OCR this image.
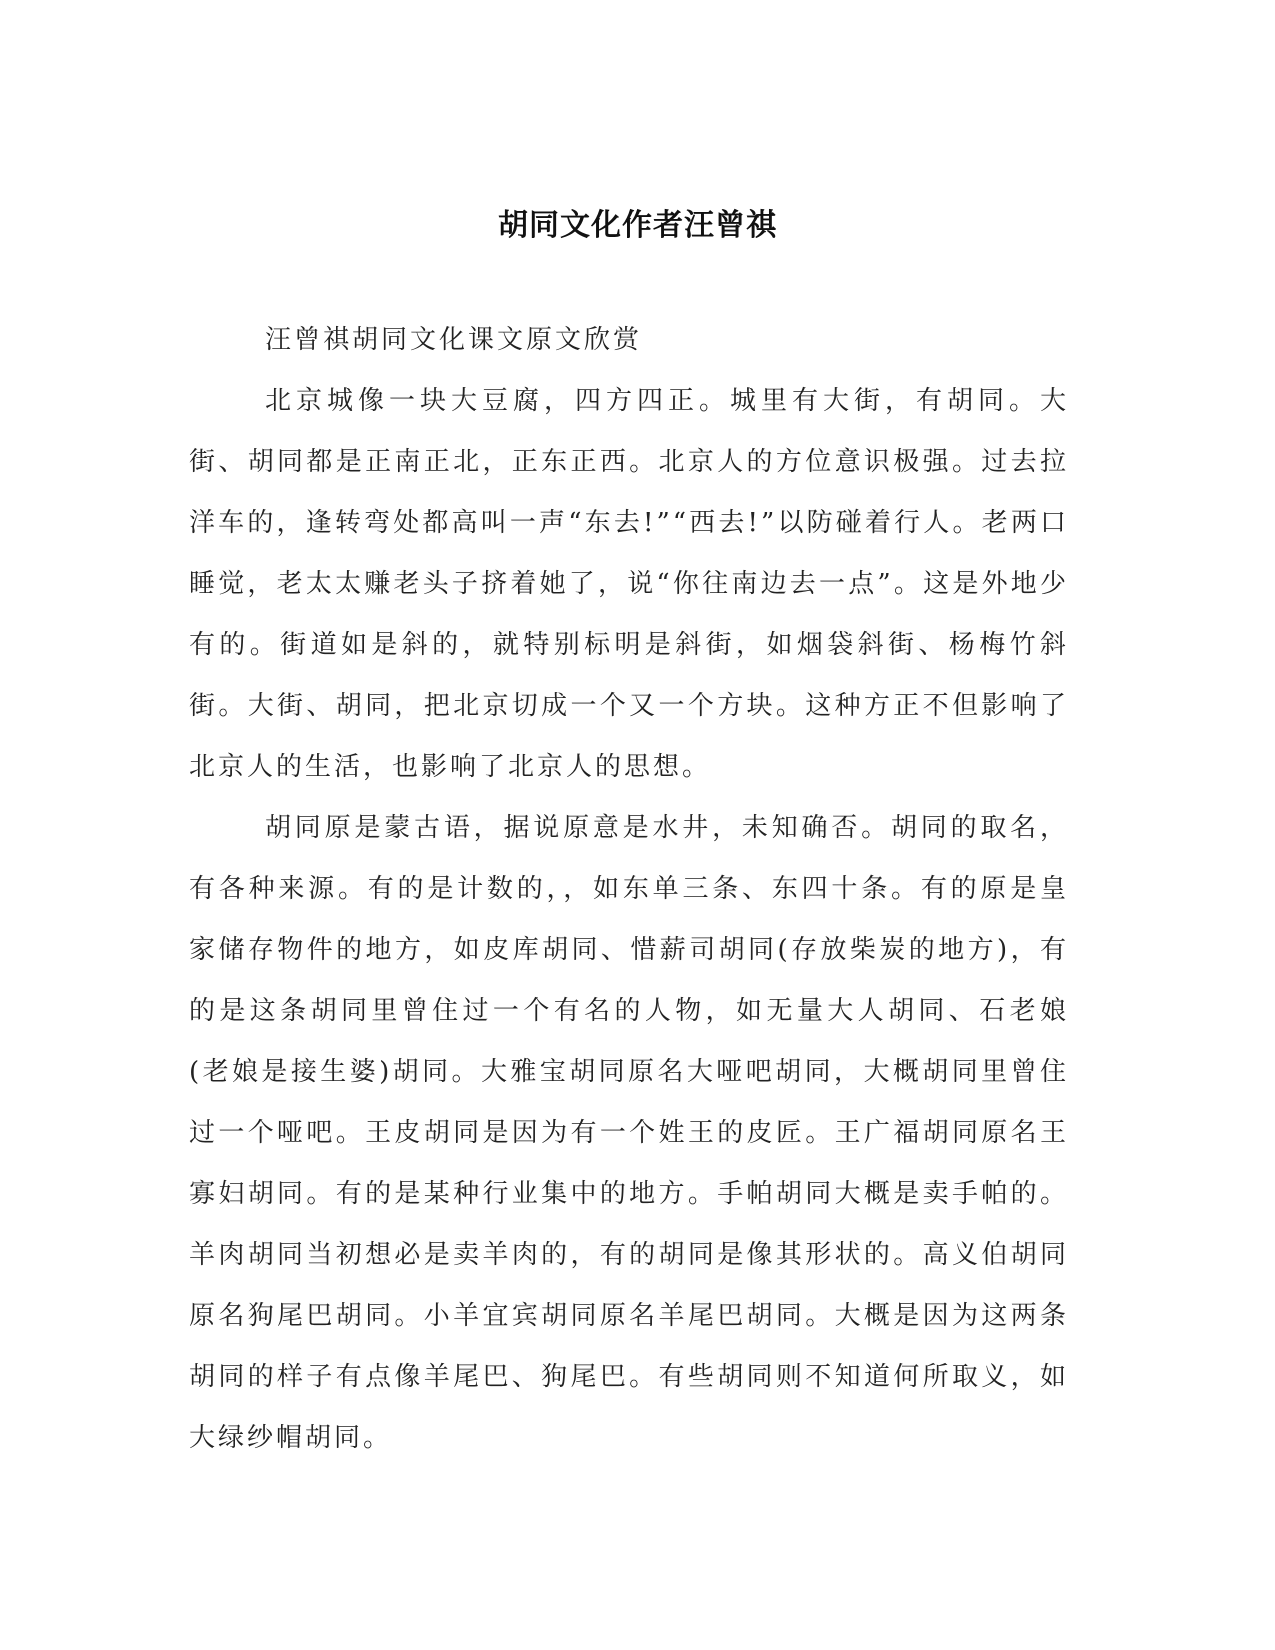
胡同文化作者汪曾祺

汪曾祺胡同文化课文原文欣赏

北京城像一块大豆腐，四方四正。城里有大街，有胡同。大街、胡同都是正南正北，正东正西。北京人的方位意识极强。过去拉洋车的，逢转弯处都高叫一声“东去!”“西去!”以防碰着行人。老两口睡觉，老太太赚老头子挤着她了，说“你往南边去一点”。这是外地少有的。街道如是斜的，就特别标明是斜街，如烟袋斜街、杨梅竹斜街。大街、胡同，把北京切成一个又一个方块。这种方正不但影响了北京人的生活，也影响了北京人的思想。

胡同原是蒙古语，据说原意是水井，未知确否。胡同的取名，有各种来源。有的是计数的，，如东单三条、东四十条。有的原是皇家储存物件的地方，如皮库胡同、惜薪司胡同(存放柴炭的地方)，有的是这条胡同里曾住过一个有名的人物，如无量大人胡同、石老娘(老娘是接生婆)胡同。大雅宝胡同原名大哑吧胡同，大概胡同里曾住过一个哑吧。王皮胡同是因为有一个姓王的皮匠。王广福胡同原名王寡妇胡同。有的是某种行业集中的地方。手帕胡同大概是卖手帕的。羊肉胡同当初想必是卖羊肉的，有的胡同是像其形状的。高义伯胡同原名狗尾巴胡同。小羊宜宾胡同原名羊尾巴胡同。大概是因为这两条胡同的样子有点像羊尾巴、狗尾巴。有些胡同则不知道何所取义，如大绿纱帽胡同。
